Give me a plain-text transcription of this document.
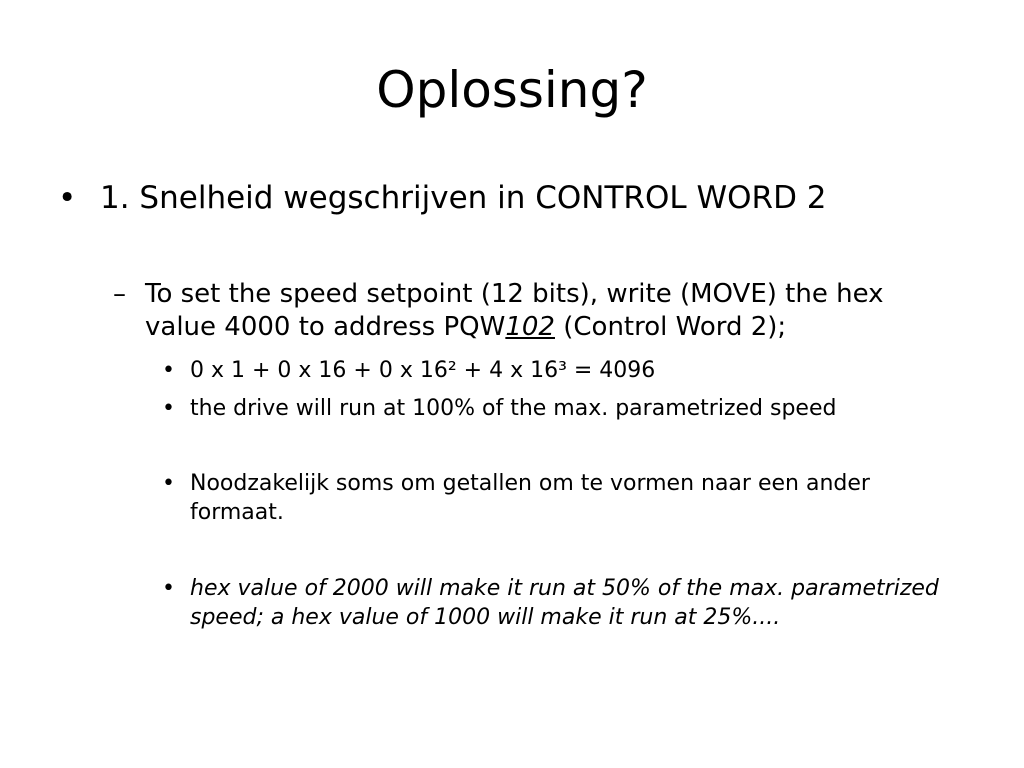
Oplossing?
• 1. Snelheid wegschrijven in CONTROL WORD 2
– To set the speed setpoint (12 bits), write (MOVE) the hex value 4000 to address PQW102 (Control Word 2);
• 0 x 1 + 0 x 16 + 0 x 16² + 4 x 16³ = 4096
• the drive will run at 100% of the max. parametrized speed
• Noodzakelijk soms om getallen om te vormen naar een ander formaat.
• hex value of 2000 will make it run at 50% of the max. parametrized speed; a hex value of 1000 will make it run at 25%....
